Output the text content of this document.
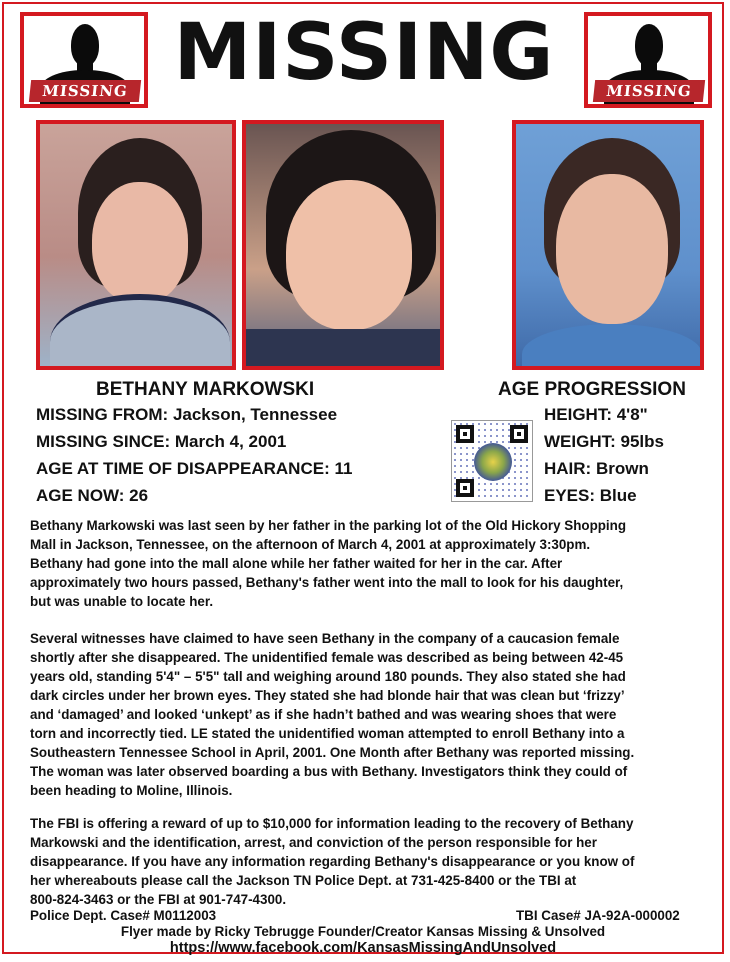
MISSING MISSING	MISSING
BETHANY MARKOWSKI	AGE PROGRESSION
MISSING FROM: Jackson, Tennessee
MISSING SINCE: March 4, 2001
AGE AT TIME OF DISAPPEARANCE: 11
AGE NOW: 26
HEIGHT: 4'8"
WEIGHT: 95lbs
HAIR: Brown
EYES: Blue
Bethany Markowski was last seen by her father in the parking lot of the Old Hickory Shopping
Mall in Jackson, Tennessee, on the afternoon of March 4, 2001 at approximately 3:30pm.
Bethany had gone into the mall alone while her father waited for her in the car. After
approximately two hours passed, Bethany's father went into the mall to look for his daughter,
but was unable to locate her.
Several witnesses have claimed to have seen Bethany in the company of a caucasion female
shortly after she disappeared. The unidentified female was described as being between 42-45
years old, standing 5'4" – 5'5" tall and weighing around 180 pounds. They also stated she had
dark circles under her brown eyes. They stated she had blonde hair that was clean but ‘frizzy’
and ‘damaged’ and looked ‘unkept’ as if she hadn’t bathed and was wearing shoes that were
torn and incorrectly tied. LE stated the unidentified woman attempted to enroll Bethany into a
Southeastern Tennessee School in April, 2001. One Month after Bethany was reported missing.
The woman was later observed boarding a bus with Bethany. Investigators think they could of
been heading to Moline, Illinois.
The FBI is offering a reward of up to $10,000 for information leading to the recovery of Bethany
Markowski and the identification, arrest, and conviction of the person responsible for her
disappearance. If you have any information regarding Bethany's disappearance or you know of
her whereabouts please call the Jackson TN Police Dept. at 731-425-8400 or the TBI at
800-824-3463 or the FBI at 901-747-4300.
Police Dept. Case# M0112003	TBI Case# JA-92A-000002
Flyer made by Ricky Tebrugge Founder/Creator Kansas Missing & Unsolved
https://www.facebook.com/KansasMissingAndUnsolved
